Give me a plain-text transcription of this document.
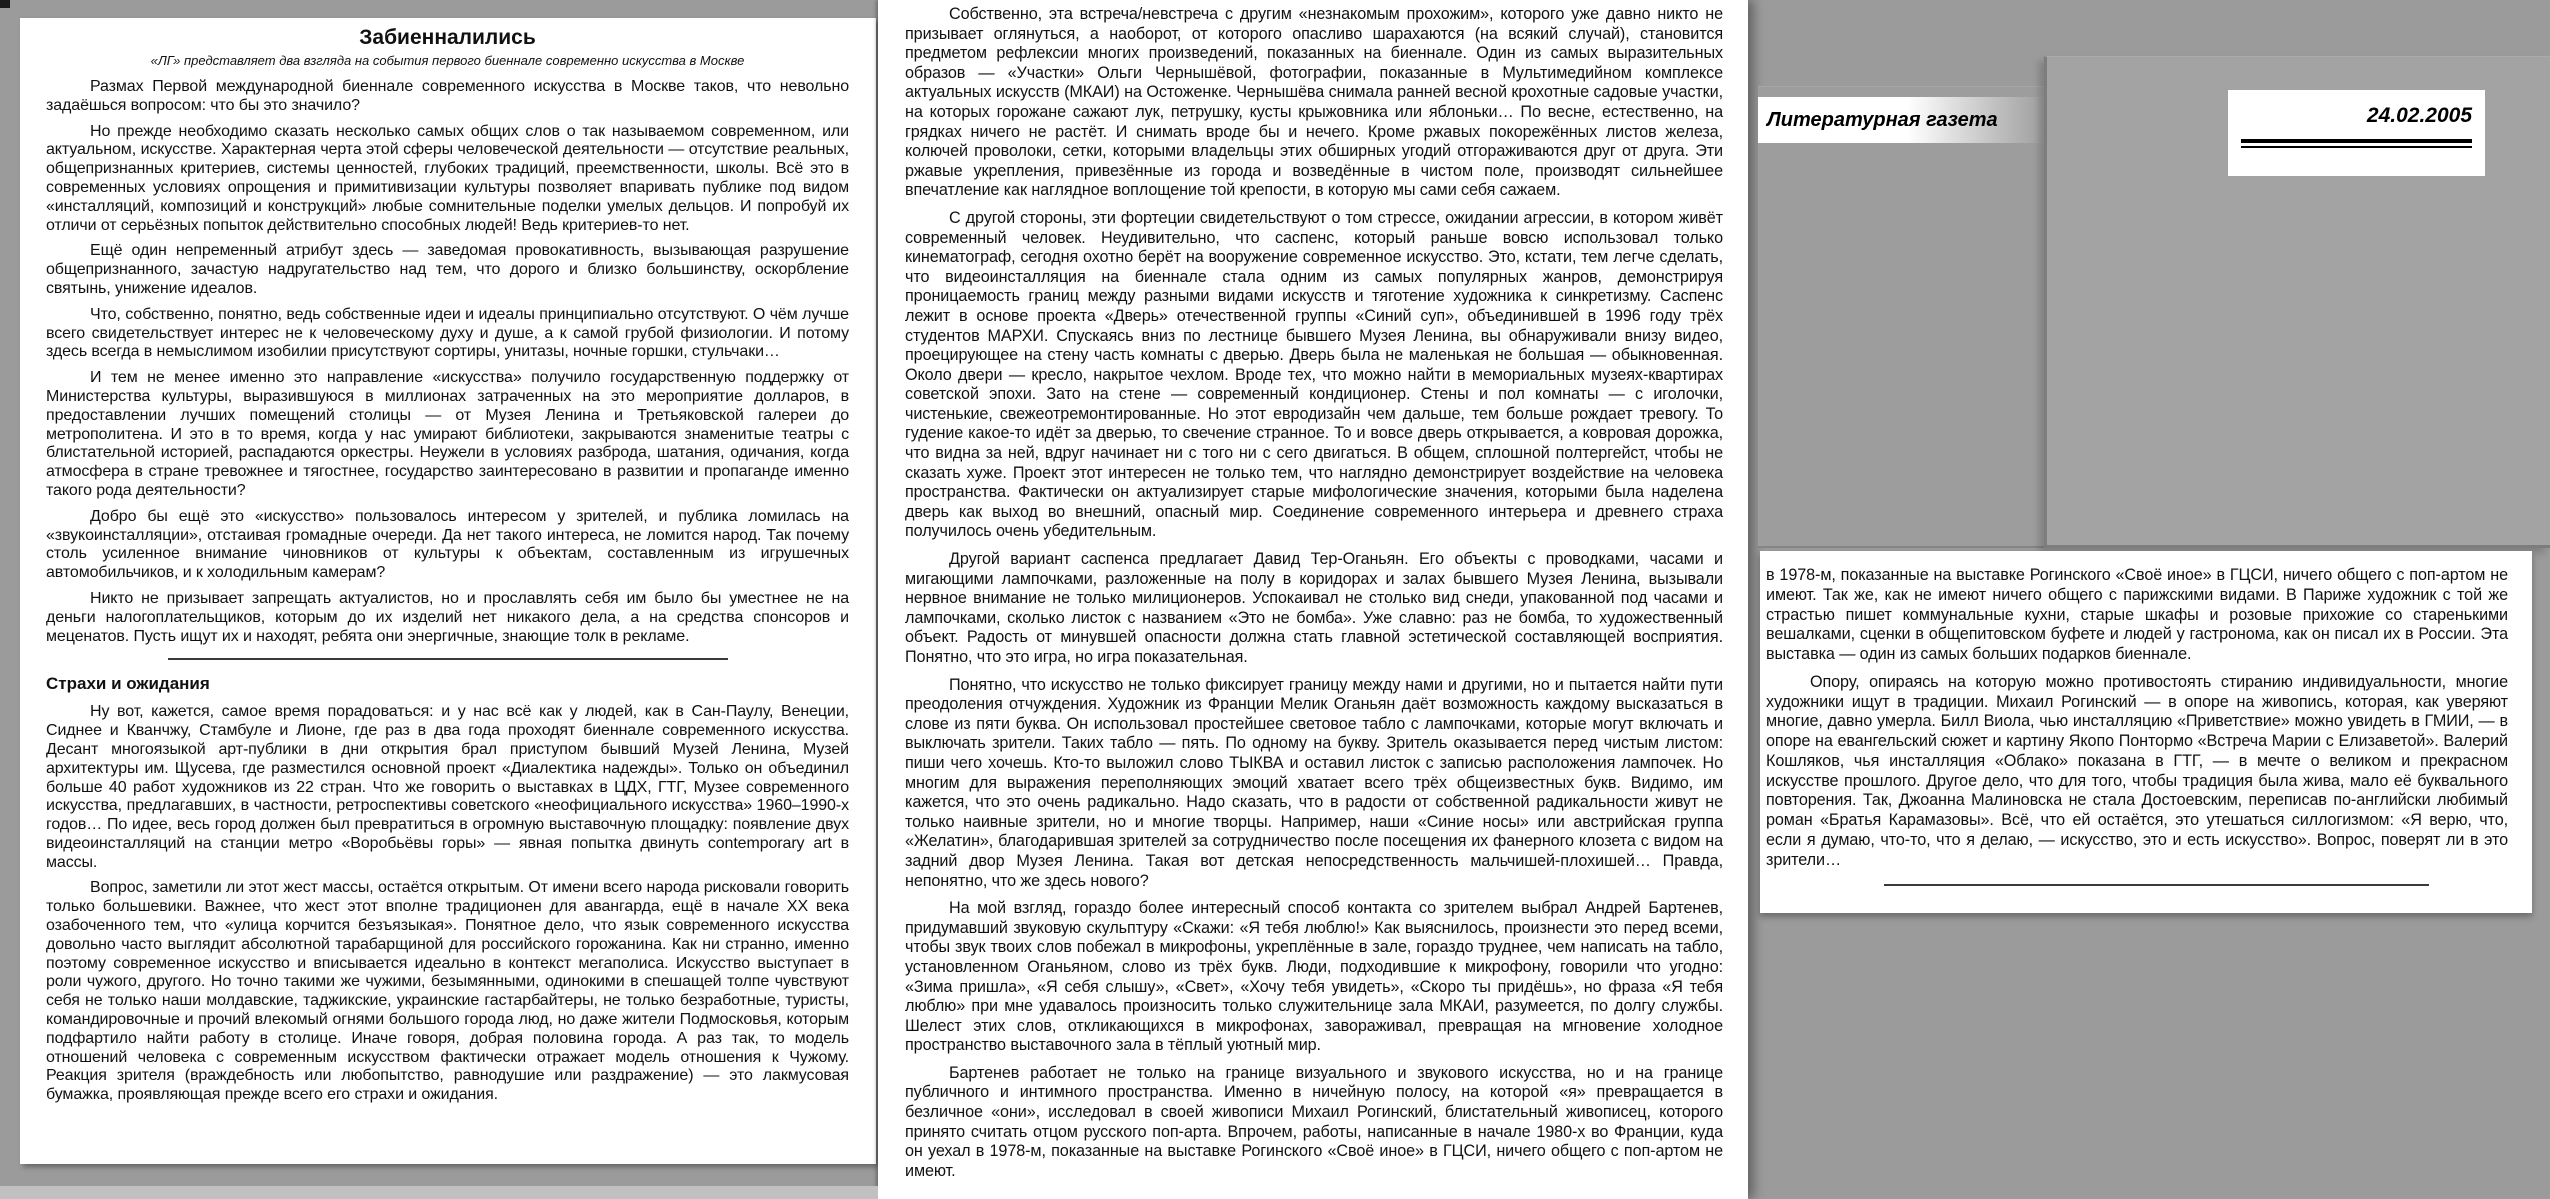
Забиенналились
«ЛГ» представляет два взгляда на события первого биеннале современно искусства в Москве

Размах Первой международной биеннале современного искусства в Москве таков, что невольно задаёшься вопросом: что бы это значило?

Но прежде необходимо сказать несколько самых общих слов о так называемом современном, или актуальном, искусстве. Характерная черта этой сферы человеческой деятельности — отсутствие реальных, общепризнанных критериев, системы ценностей, глубоких традиций, преемственности, школы. Всё это в современных условиях опрощения и примитивизации культуры позволяет впаривать публике под видом «инсталляций, композиций и конструкций» любые сомнительные поделки умелых дельцов. И попробуй их отличи от серьёзных попыток действительно способных людей! Ведь критериев-то нет.

Ещё один непременный атрибут здесь — заведомая провокативность, вызывающая разрушение общепризнанного, зачастую надругательство над тем, что дорого и близко большинству, оскорбление святынь, унижение идеалов.

Что, собственно, понятно, ведь собственные идеи и идеалы принципиально отсутствуют. О чём лучше всего свидетельствует интерес не к человеческому духу и душе, а к самой грубой физиологии. И потому здесь всегда в немыслимом изобилии присутствуют сортиры, унитазы, ночные горшки, стульчаки…

И тем не менее именно это направление «искусства» получило государственную поддержку от Министерства культуры, выразившуюся в миллионах затраченных на это мероприятие долларов, в предоставлении лучших помещений столицы — от Музея Ленина и Третьяковской галереи до метрополитена. И это в то время, когда у нас умирают библиотеки, закрываются знаменитые театры с блистательной историей, распадаются оркестры. Неужели в условиях разброда, шатания, одичания, когда атмосфера в стране тревожнее и тягостнее, государство заинтересовано в развитии и пропаганде именно такого рода деятельности?

Добро бы ещё это «искусство» пользовалось интересом у зрителей, и публика ломилась на «звукоинсталляции», отстаивая громадные очереди. Да нет такого интереса, не ломится народ. Так почему столь усиленное внимание чиновников от культуры к объектам, составленным из игрушечных автомобильчиков, и к холодильным камерам?

Никто не призывает запрещать актуалистов, но и прославлять себя им было бы уместнее не на деньги налогоплательщиков, которым до их изделий нет никакого дела, а на средства спонсоров и меценатов. Пусть ищут их и находят, ребята они энергичные, знающие толк в рекламе.

Страхи и ожидания

Ну вот, кажется, самое время порадоваться: и у нас всё как у людей, как в Сан-Паулу, Венеции, Сиднее и Кванчжу, Стамбуле и Лионе, где раз в два года проходят биеннале современного искусства. Десант многоязыкой арт-публики в дни открытия брал приступом бывший Музей Ленина, Музей архитектуры им. Щусева, где разместился основной проект «Диалектика надежды». Только он объединил больше 40 работ художников из 22 стран. Что же говорить о выставках в ЦДХ, ГТГ, Музее современного искусства, предлагавших, в частности, ретроспективы советского «неофициального искусства» 1960–1990-х годов… По идее, весь город должен был превратиться в огромную выставочную площадку: появление двух видеоинсталляций на станции метро «Воробьёвы горы» — явная попытка двинуть contemporary art в массы.

Вопрос, заметили ли этот жест массы, остаётся открытым. От имени всего народа рисковали говорить только большевики. Важнее, что жест этот вполне традиционен для авангарда, ещё в начале XX века озабоченного тем, что «улица корчится безъязыкая». Понятное дело, что язык современного искусства довольно часто выглядит абсолютной тарабарщиной для российского горожанина. Как ни странно, именно поэтому современное искусство и вписывается идеально в контекст мегаполиса. Искусство выступает в роли чужого, другого. Но точно такими же чужими, безымянными, одинокими в спешащей толпе чувствуют себя не только наши молдавские, таджикские, украинские гастарбайтеры, не только безработные, туристы, командировочные и прочий влекомый огнями большого города люд, но даже жители Подмосковья, которым подфартило найти работу в столице. Иначе говоря, добрая половина города. А раз так, то модель отношений человека с современным искусством фактически отражает модель отношения к Чужому. Реакция зрителя (враждебность или любопытство, равнодушие или раздражение) — это лакмусовая бумажка, проявляющая прежде всего его страхи и ожидания.

Собственно, эта встреча/невстреча с другим «незнакомым прохожим», которого уже давно никто не призывает оглянуться, а наоборот, от которого опасливо шарахаются (на всякий случай), становится предметом рефлексии многих произведений, показанных на биеннале. Один из самых выразительных образов — «Участки» Ольги Чернышёвой, фотографии, показанные в Мультимедийном комплексе актуальных искусств (МКАИ) на Остоженке. Чернышёва снимала ранней весной крохотные садовые участки, на которых горожане сажают лук, петрушку, кусты крыжовника или яблоньки… По весне, естественно, на грядках ничего не растёт. И снимать вроде бы и нечего. Кроме ржавых покорежённых листов железа, колючей проволоки, сетки, которыми владельцы этих обширных угодий отгораживаются друг от друга. Эти ржавые укрепления, привезённые из города и возведённые в чистом поле, производят сильнейшее впечатление как наглядное воплощение той крепости, в которую мы сами себя сажаем.

С другой стороны, эти фортеции свидетельствуют о том стрессе, ожидании агрессии, в котором живёт современный человек. Неудивительно, что саспенс, который раньше вовсю использовал только кинематограф, сегодня охотно берёт на вооружение современное искусство. Это, кстати, тем легче сделать, что видеоинсталляция на биеннале стала одним из самых популярных жанров, демонстрируя проницаемость границ между разными видами искусств и тяготение художника к синкретизму. Саспенс лежит в основе проекта «Дверь» отечественной группы «Синий суп», объединившей в 1996 году трёх студентов МАРХИ. Спускаясь вниз по лестнице бывшего Музея Ленина, вы обнаруживали внизу видео, проецирующее на стену часть комнаты с дверью. Дверь была не маленькая не большая — обыкновенная. Около двери — кресло, накрытое чехлом. Вроде тех, что можно найти в мемориальных музеях-квартирах советской эпохи. Зато на стене — современный кондиционер. Стены и пол комнаты — с иголочки, чистенькие, свежеотремонтированные. Но этот евродизайн чем дальше, тем больше рождает тревогу. То гудение какое-то идёт за дверью, то свечение странное. То и вовсе дверь открывается, а ковровая дорожка, что видна за ней, вдруг начинает ни с того ни с сего двигаться. В общем, сплошной полтергейст, чтобы не сказать хуже. Проект этот интересен не только тем, что наглядно демонстрирует воздействие на человека пространства. Фактически он актуализирует старые мифологические значения, которыми была наделена дверь как выход во внешний, опасный мир. Соединение современного интерьера и древнего страха получилось очень убедительным.

Другой вариант саспенса предлагает Давид Тер-Оганьян. Его объекты с проводками, часами и мигающими лампочками, разложенные на полу в коридорах и залах бывшего Музея Ленина, вызывали нервное внимание не только милиционеров. Успокаивал не столько вид снеди, упакованной под часами и лампочками, сколько листок с названием «Это не бомба». Уже славно: раз не бомба, то художественный объект. Радость от минувшей опасности должна стать главной эстетической составляющей восприятия. Понятно, что это игра, но игра показательная.

Понятно, что искусство не только фиксирует границу между нами и другими, но и пытается найти пути преодоления отчуждения. Художник из Франции Мелик Оганьян даёт возможность каждому высказаться в слове из пяти буква. Он использовал простейшее световое табло с лампочками, которые могут включать и выключать зрители. Таких табло — пять. По одному на букву. Зритель оказывается перед чистым листом: пиши чего хочешь. Кто-то выложил слово ТЫКВА и оставил листок с записью расположения лампочек. Но многим для выражения переполняющих эмоций хватает всего трёх общеизвестных букв. Видимо, им кажется, что это очень радикально. Надо сказать, что в радости от собственной радикальности живут не только наивные зрители, но и многие творцы. Например, наши «Синие носы» или австрийская группа «Желатин», благодарившая зрителей за сотрудничество после посещения их фанерного клозета с видом на задний двор Музея Ленина. Такая вот детская непосредственность мальчишей-плохишей… Правда, непонятно, что же здесь нового?

На мой взгляд, гораздо более интересный способ контакта со зрителем выбрал Андрей Бартенев, придумавший звуковую скульптуру «Скажи: «Я тебя люблю!» Как выяснилось, произнести это перед всеми, чтобы звук твоих слов побежал в микрофоны, укреплённые в зале, гораздо труднее, чем написать на табло, установленном Оганьяном, слово из трёх букв. Люди, подходившие к микрофону, говорили что угодно: «Зима пришла», «Я себя слышу», «Свет», «Хочу тебя увидеть», «Скоро ты придёшь», но фраза «Я тебя люблю» при мне удавалось произносить только служительнице зала МКАИ, разумеется, по долгу службы. Шелест этих слов, откликающихся в микрофонах, завораживал, превращая на мгновение холодное пространство выставочного зала в тёплый уютный мир.

Бартенев работает не только на границе визуального и звукового искусства, но и на границе публичного и интимного пространства. Именно в ничейную полосу, на которой «я» превращается в безличное «они», исследовал в своей живописи Михаил Рогинский, блистательный живописец, которого принято считать отцом русского поп-арта. Впрочем, работы, написанные в начале 1980-х во Франции, куда он уехал в 1978-м, показанные на выставке Рогинского «Своё иное» в ГЦСИ, ничего общего с поп-артом не имеют.

Литературная газета	24.02.2005

в 1978-м, показанные на выставке Рогинского «Своё иное» в ГЦСИ, ничего общего с поп-артом не имеют. Так же, как не имеют ничего общего с парижскими видами. В Париже художник с той же страстью пишет коммунальные кухни, старые шкафы и розовые прихожие со старенькими вешалками, сценки в общепитовском буфете и людей у гастронома, как он писал их в России. Эта выставка — один из самых больших подарков биеннале.

Опору, опираясь на которую можно противостоять стиранию индивидуальности, многие художники ищут в традиции. Михаил Рогинский — в опоре на живопись, которая, как уверяют многие, давно умерла. Билл Виола, чью инсталляцию «Приветствие» можно увидеть в ГМИИ, — в опоре на евангельский сюжет и картину Якопо Понтормо «Встреча Марии с Елизаветой». Валерий Кошляков, чья инсталляция «Облако» показана в ГТГ, — в мечте о великом и прекрасном искусстве прошлого. Другое дело, что для того, чтобы традиция была жива, мало её буквального повторения. Так, Джоанна Малиновска не стала Достоевским, переписав по-английски любимый роман «Братья Карамазовы». Всё, что ей остаётся, это утешаться силлогизмом: «Я верю, что, если я думаю, что-то, что я делаю, — искусство, это и есть искусство». Вопрос, поверят ли в это зрители…
